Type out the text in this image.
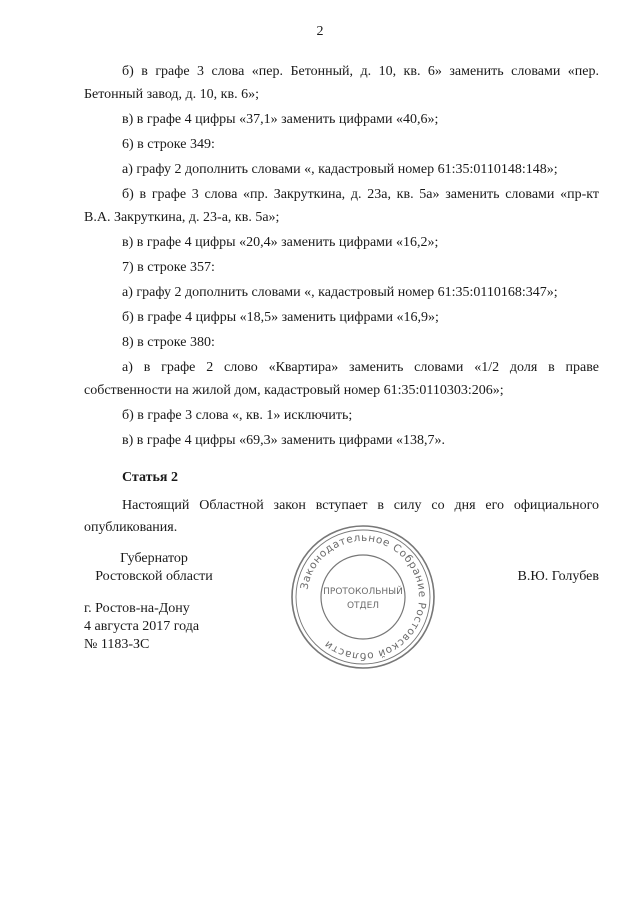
2

б) в графе 3 слова «пер. Бетонный, д. 10, кв. 6» заменить словами «пер. Бетонный завод, д. 10, кв. 6»;

в) в графе 4 цифры «37,1» заменить цифрами «40,6»;

6) в строке 349:

а) графу 2 дополнить словами «, кадастровый номер 61:35:0110148:148»;

б) в графе 3 слова «пр. Закруткина, д. 23а, кв. 5а» заменить словами «пр-кт В.А. Закруткина, д. 23-а, кв. 5а»;

в) в графе 4 цифры «20,4» заменить цифрами «16,2»;

7) в строке 357:

а) графу 2 дополнить словами «, кадастровый номер 61:35:0110168:347»;

б) в графе 4 цифры «18,5» заменить цифрами «16,9»;

8) в строке 380:

а) в графе 2 слово «Квартира» заменить словами «1/2 доля в праве собственности на жилой дом, кадастровый номер 61:35:0110303:206»;

б) в графе 3 слова «, кв. 1» исключить;

в) в графе 4 цифры «69,3» заменить цифрами «138,7».

Статья 2

Настоящий Областной закон вступает в силу со дня его официального опубликования.

Губернатор
Ростовской области	В.Ю. Голубев
г. Ростов-на-Дону
4 августа 2017 года
№ 1183-ЗС
Законодательное Собрание Ростовской области
ПРОТОКОЛЬНЫЙ
ОТДЕЛ
